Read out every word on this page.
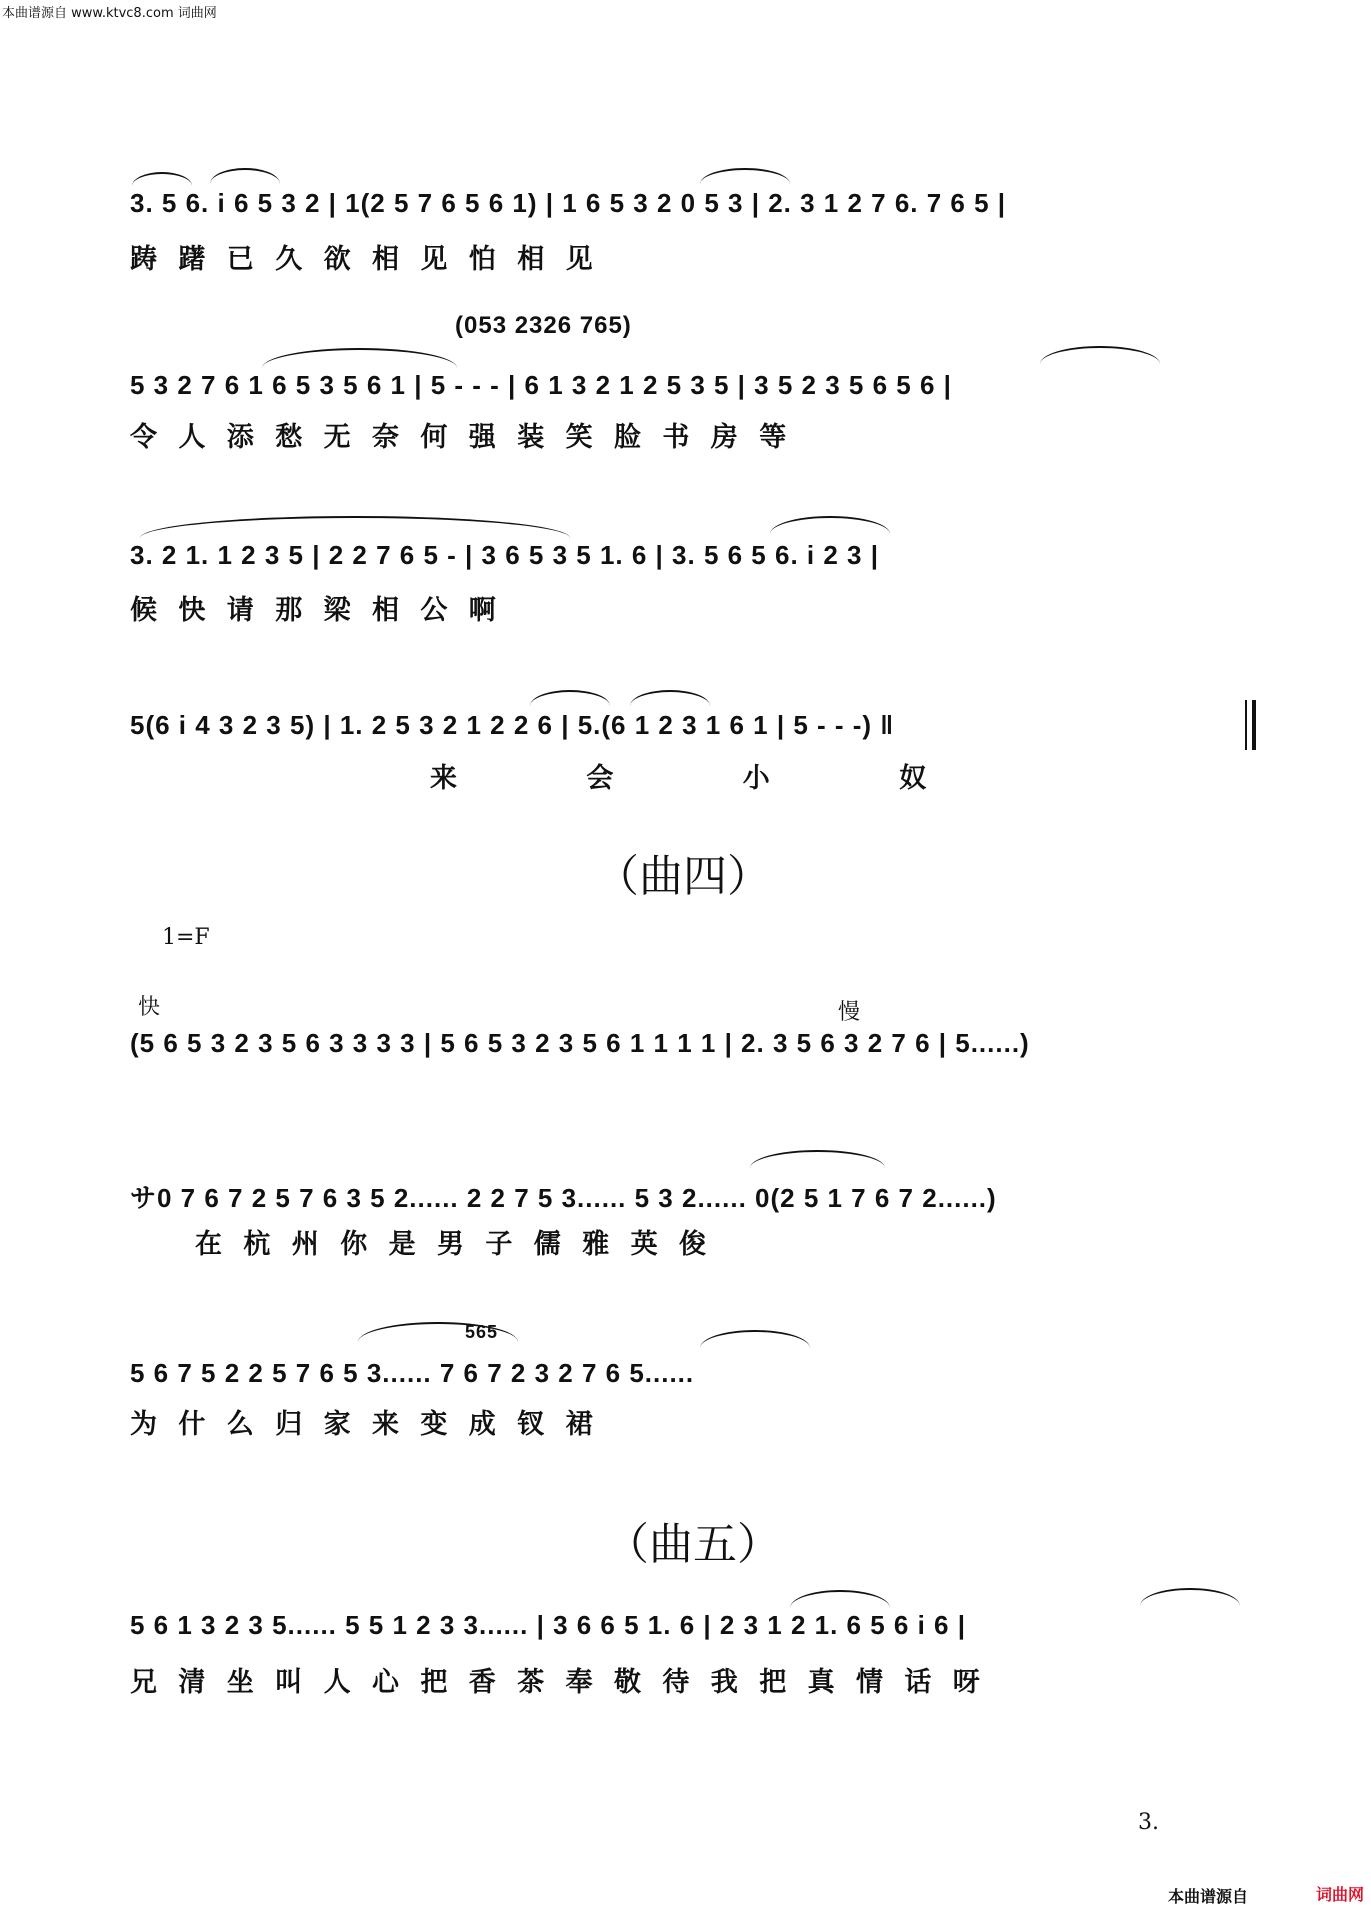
本曲谱源自 www.ktvc8.com 词曲网
3. 5 6. i 6 5 3 2 | 1(2 5 7 6 5 6 1) | 1 6 5 3 2 0 5 3 | 2. 3 1 2 7 6. 7 6 5 |
踌 躇 已 久 欲 相 见 怕 相 见
(053 2326 765)
5 3 2 7 6 1 6 5 3 5 6 1 | 5 - - - | 6 1 3 2 1 2 5 3 5 | 3 5 2 3 5 6 5 6 |
令 人 添 愁 无 奈 何 强 装 笑 脸 书 房 等
3. 2 1. 1 2 3 5 | 2 2 7 6 5 - | 3 6 5 3 5 1. 6 | 3. 5 6 5 6. i 2 3 |
候 快 请 那 梁 相 公 啊
5(6 i 4 3 2 3 5) | 1. 2 5 3 2 1 2 2 6 | 5.(6 1 2 3 1 6 1 | 5 - - -) ‖
来 会 小 奴
（曲四）
1=F
快	慢
(5 6 5 3 2 3 5 6 3 3 3 3 | 5 6 5 3 2 3 5 6 1 1 1 1 | 2. 3 5 6 3 2 7 6 | 5......)
サ0 7 6 7 2 5 7 6 3 5 2...... 2 2 7 5 3...... 5 3 2...... 0(2 5 1 7 6 7 2......)
在 杭 州 你 是 男 子 儒 雅 英 俊
565
5 6 7 5 2 2 5 7 6 5 3...... 7 6 7 2 3 2 7 6 5......
为 什 么 归 家 来 变 成 钗 裙
（曲五）
5 6 1 3 2 3 5...... 5 5 1 2 3 3...... | 3 6 6 5 1. 6 | 2 3 1 2 1. 6 5 6 i 6 |
兄 清 坐 叫 人 心 把 香 茶 奉 敬 待 我 把 真 情 话 呀
3.
本曲谱源自	词曲网
